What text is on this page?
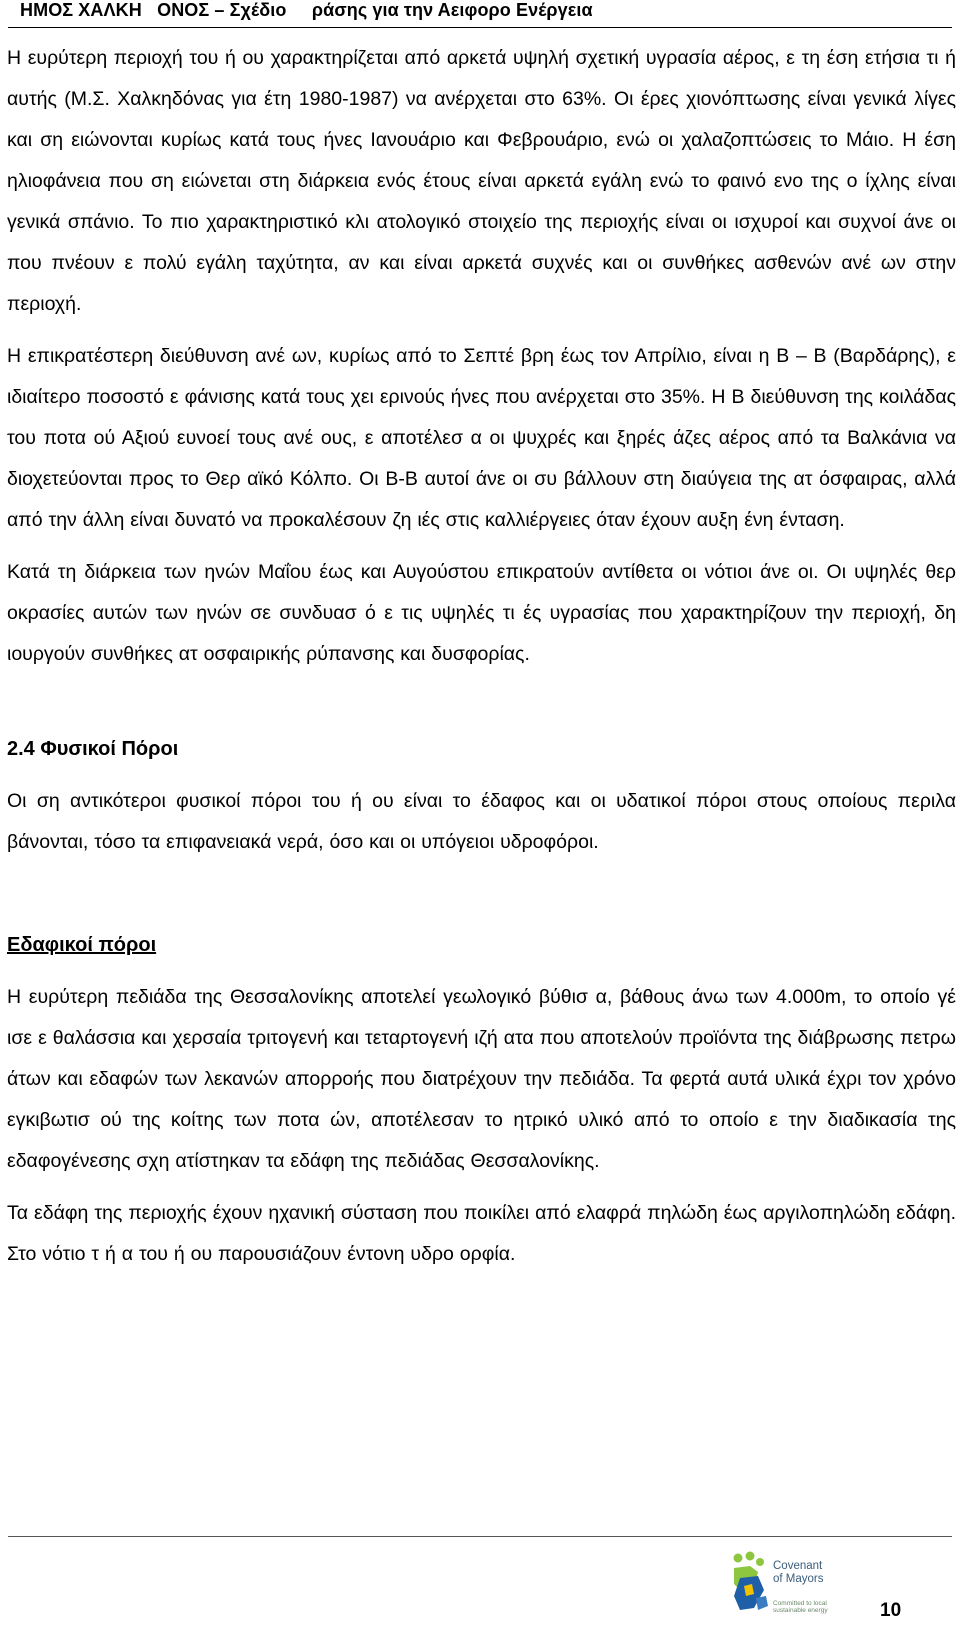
ΗΜΟΣ ΧΑΛΚΗ   ΟΝΟΣ – Σχέδιο     ράσης για την Αειφορο Ενέργεια

Η ευρύτερη περιοχή του ή ου χαρακτηρίζεται από αρκετά υψηλή σχετική υγρασία αέρος, ε τη έση ετήσια τι ή αυτής (Μ.Σ. Χαλκηδόνας για έτη 1980-1987) να ανέρχεται στο 63%. Οι έρες χιονόπτωσης είναι γενικά λίγες και ση ειώνονται κυρίως κατά τους ήνες Ιανουάριο και Φεβρουάριο, ενώ οι χαλαζοπτώσεις το Μάιο. Η έση ηλιοφάνεια που ση ειώνεται στη διάρκεια ενός έτους είναι αρκετά εγάλη ενώ το φαινό ενο της ο ίχλης είναι γενικά σπάνιο. Το πιο χαρακτηριστικό κλι ατολογικό στοιχείο της περιοχής είναι οι ισχυροί και συχνοί άνε οι που πνέουν ε πολύ εγάλη ταχύτητα, αν και είναι αρκετά συχνές και οι συνθήκες ασθενών ανέ ων στην περιοχή.

Η επικρατέστερη διεύθυνση ανέ ων, κυρίως από το Σεπτέ βρη έως τον Απρίλιο, είναι η Β – Β (Βαρδάρης), ε ιδιαίτερο ποσοστό ε φάνισης κατά τους χει ερινούς ήνες που ανέρχεται στο 35%. Η Β διεύθυνση της κοιλάδας του ποτα ού Αξιού ευνοεί τους ανέ ους, ε αποτέλεσ α οι ψυχρές και ξηρές άζες αέρος από τα Βαλκάνια να διοχετεύονται προς το Θερ αϊκό Κόλπο. Οι Β-Β αυτοί άνε οι συ βάλλουν στη διαύγεια της ατ όσφαιρας, αλλά από την άλλη είναι δυνατό να προκαλέσουν ζη ιές στις καλλιέργειες όταν έχουν αυξη ένη ένταση.

Κατά τη διάρκεια των ηνών Μαΐου έως και Αυγούστου επικρατούν αντίθετα οι νότιοι άνε οι. Οι υψηλές θερ οκρασίες αυτών των ηνών σε συνδυασ ό ε τις υψηλές τι ές υγρασίας που χαρακτηρίζουν την περιοχή, δη ιουργούν συνθήκες ατ οσφαιρικής ρύπανσης και δυσφορίας.

2.4 Φυσικοί Πόροι

Οι ση αντικότεροι φυσικοί πόροι του ή ου είναι το έδαφος και οι υδατικοί πόροι στους οποίους περιλα βάνονται, τόσο τα επιφανειακά νερά, όσο και οι υπόγειοι υδροφόροι.

Εδαφικοί πόροι

Η ευρύτερη πεδιάδα της Θεσσαλονίκης αποτελεί γεωλογικό βύθισ α, βάθους άνω των 4.000m, το οποίο γέ ισε ε θαλάσσια και χερσαία τριτογενή και τεταρτογενή ιζή ατα που αποτελούν προϊόντα της διάβρωσης πετρω άτων και εδαφών των λεκανών απορροής που διατρέχουν την πεδιάδα. Τα φερτά αυτά υλικά έχρι τον χρόνο εγκιβωτισ ού της κοίτης των ποτα ών, αποτέλεσαν το ητρικό υλικό από το οποίο ε την διαδικασία της εδαφογένεσης σχη ατίστηκαν τα εδάφη της πεδιάδας Θεσσαλονίκης.

Τα εδάφη της περιοχής έχουν ηχανική σύσταση που ποικίλει από ελαφρά πηλώδη έως αργιλοπηλώδη εδάφη. Στο νότιο τ ή α του ή ου παρουσιάζουν έντονη υδρο ορφία.

Covenant
of Mayors
Committed to local sustainable energy	10
